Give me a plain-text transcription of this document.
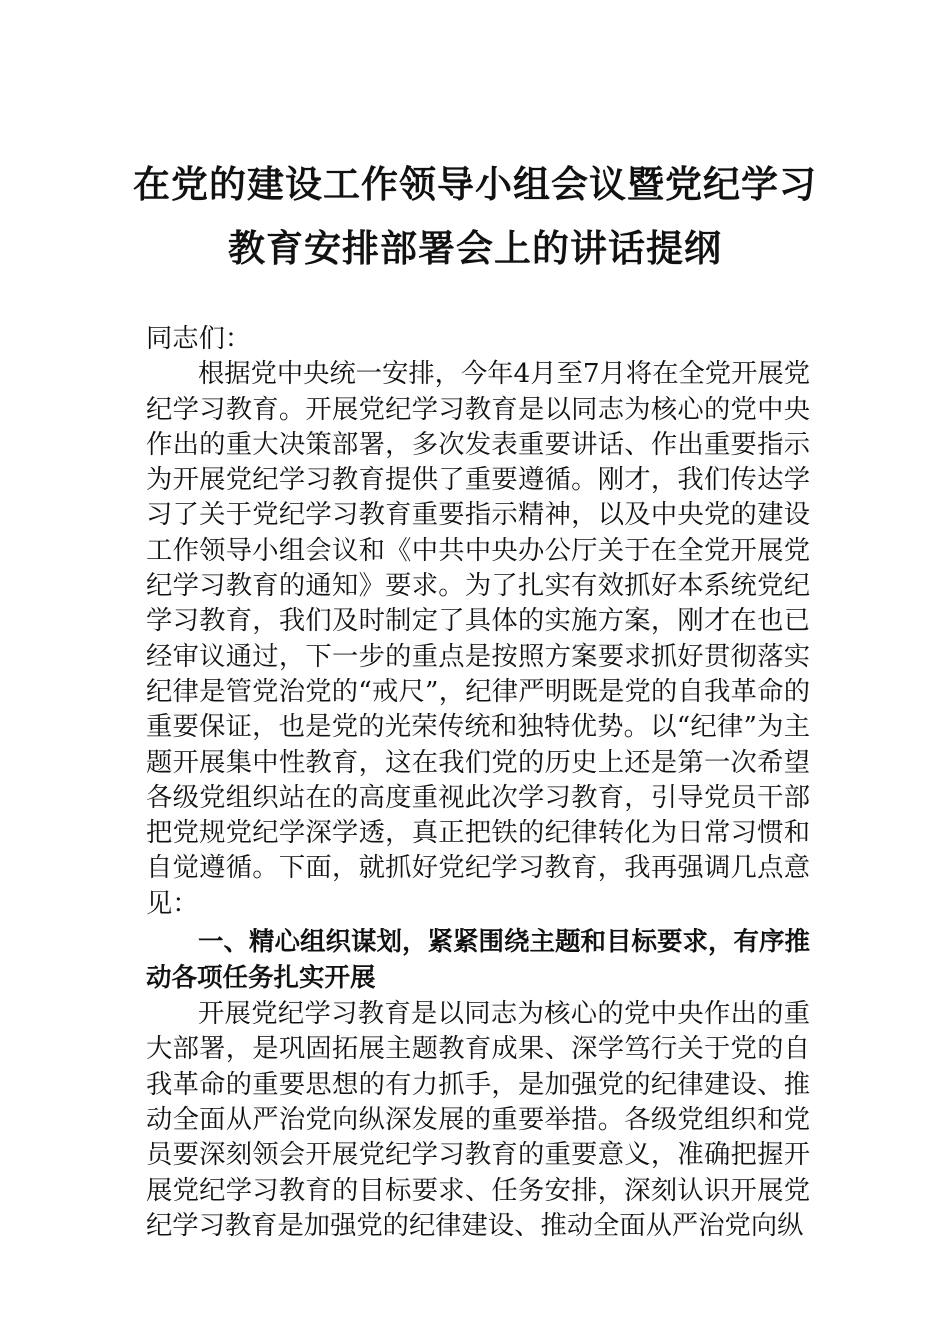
在党的建设工作领导小组会议暨党纪学习
教育安排部署会上的讲话提纲

同志们：

根据党中央统一安排，今年4月至7月将在全党开展党纪学习教育。开展党纪学习教育是以同志为核心的党中央作出的重大决策部署，多次发表重要讲话、作出重要指示为开展党纪学习教育提供了重要遵循。刚才，我们传达学习了关于党纪学习教育重要指示精神，以及中央党的建设工作领导小组会议和《中共中央办公厅关于在全党开展党纪学习教育的通知》要求。为了扎实有效抓好本系统党纪学习教育，我们及时制定了具体的实施方案，刚才在也已经审议通过，下一步的重点是按照方案要求抓好贯彻落实纪律是管党治党的“戒尺”，纪律严明既是党的自我革命的重要保证，也是党的光荣传统和独特优势。以“纪律”为主题开展集中性教育，这在我们党的历史上还是第一次希望各级党组织站在的高度重视此次学习教育，引导党员干部把党规党纪学深学透，真正把铁的纪律转化为日常习惯和自觉遵循。下面，就抓好党纪学习教育，我再强调几点意见：

一、精心组织谋划，紧紧围绕主题和目标要求，有序推动各项任务扎实开展

开展党纪学习教育是以同志为核心的党中央作出的重大部署，是巩固拓展主题教育成果、深学笃行关于党的自我革命的重要思想的有力抓手，是加强党的纪律建设、推动全面从严治党向纵深发展的重要举措。各级党组织和党员要深刻领会开展党纪学习教育的重要意义，准确把握开展党纪学习教育的目标要求、任务安排，深刻认识开展党纪学习教育是加强党的纪律建设、推动全面从严治党向纵
